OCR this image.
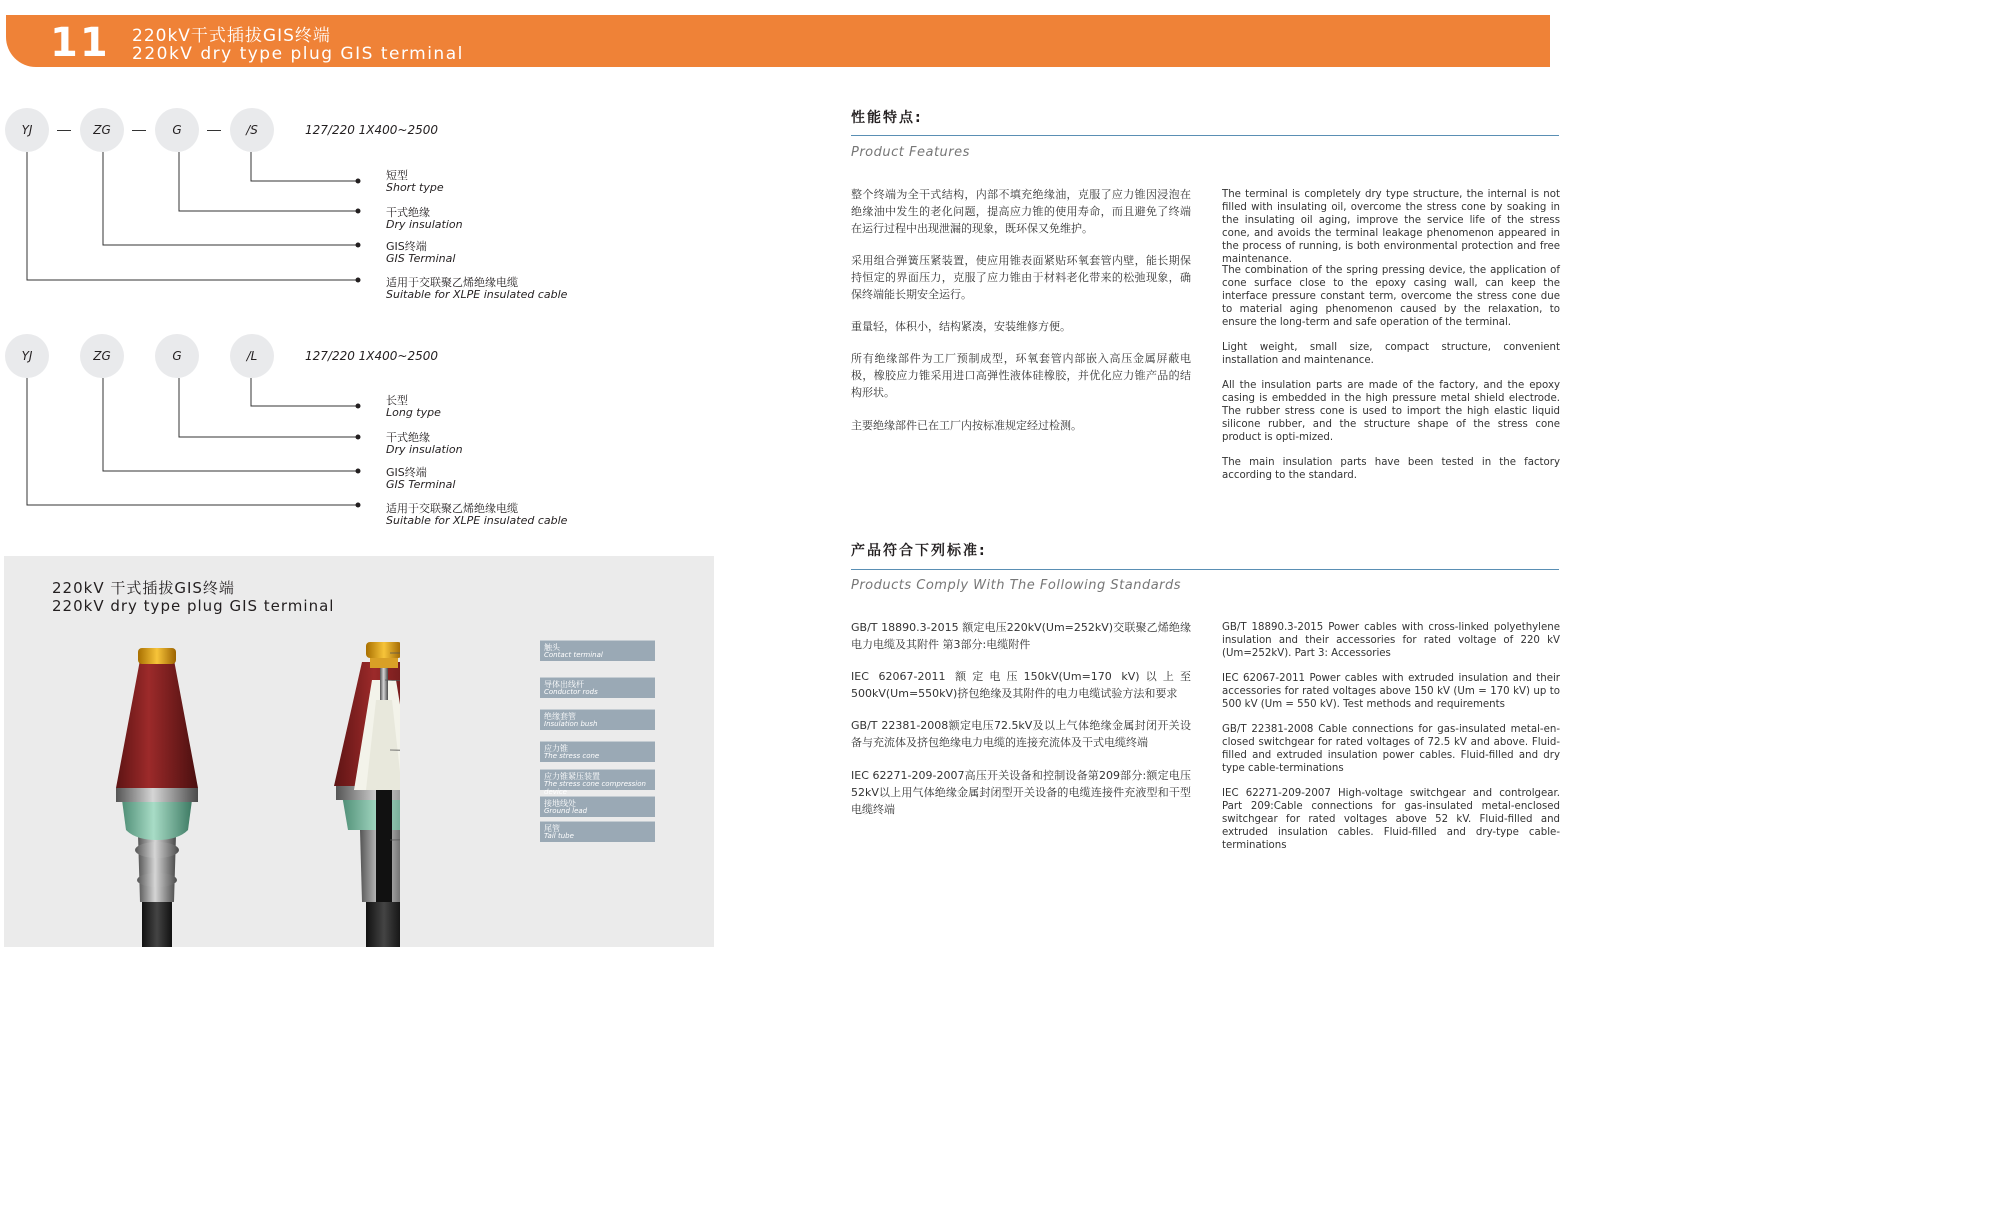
11 220kV干式插拔GIS终端
220kV dry type plug GIS terminal
YJ	ZG	G	/S	127/220 1X400~2500
短型
Short type
干式绝缘
Dry insulation
GIS终端
GIS Terminal
适用于交联聚乙烯绝缘电缆
Suitable for XLPE insulated cable
YJ	ZG	G	/L	127/220 1X400~2500
长型
Long type
干式绝缘
Dry insulation
GIS终端
GIS Terminal
适用于交联聚乙烯绝缘电缆
Suitable for XLPE insulated cable
220kV 干式插拔GIS终端
220kV dry type plug GIS terminal
触头
Contact terminal
导体出线杆
Conductor rods
绝缘套管
Insulation bush
应力锥
The stress cone
应力锥紧压装置
The stress cone compression device
接地线处
Ground lead
尾管
Tail tube
性能特点:
Product Features
整个终端为全干式结构，内部不填充绝缘油，克服了应力锥因浸泡在绝缘油中发生的老化问题，提高应力锥的使用寿命，而且避免了终端在运行过程中出现泄漏的现象，既环保又免维护。
采用组合弹簧压紧装置，使应用锥表面紧贴环氧套管内壁，能长期保持恒定的界面压力，克服了应力锥由于材料老化带来的松弛现象，确保终端能长期安全运行。
重量轻，体积小，结构紧凑，安装维修方便。
所有绝缘部件为工厂预制成型，环氧套管内部嵌入高压金属屏蔽电极，橡胶应力锥采用进口高弹性液体硅橡胶，并优化应力锥产品的结构形状。
主要绝缘部件已在工厂内按标准规定经过检测。
The terminal is completely dry type structure, the internal is not filled with insulating oil, overcome the stress cone by soaking in the insulating oil aging, improve the service life of the stress cone, and avoids the terminal leakage phenomenon appeared in the process of running, is both environmental protection and free maintenance.
The combination of the spring pressing device, the application of cone surface close to the epoxy casing wall, can keep the interface pressure constant term, overcome the stress cone due to material aging phenomenon caused by the relaxation, to ensure the long-term and safe operation of the terminal.
Light weight, small size, compact structure, convenient installation and maintenance.
All the insulation parts are made of the factory, and the epoxy casing is embedded in the high pressure metal shield electrode. The rubber stress cone is used to import the high elastic liquid silicone rubber, and the structure shape of the stress cone product is opti-mized.
The main insulation parts have been tested in the factory according to the standard.
产品符合下列标准:
Products Comply With The Following Standards
GB/T 18890.3-2015 额定电压220kV(Um=252kV)交联聚乙烯绝缘电力电缆及其附件 第3部分:电缆附件
IEC 62067-2011 额定电压150kV(Um=170 kV)以上至500kV(Um=550kV)挤包绝缘及其附件的电力电缆试验方法和要求
GB/T 22381-2008额定电压72.5kV及以上气体绝缘金属封闭开关设备与充流体及挤包绝缘电力电缆的连接充流体及干式电缆终端
IEC 62271-209-2007高压开关设备和控制设备第209部分:额定电压52kV以上用气体绝缘金属封闭型开关设备的电缆连接件充液型和干型电缆终端
GB/T 18890.3-2015 Power cables with cross-linked polyethylene insulation and their accessories for rated voltage of 220 kV (Um=252kV). Part 3: Accessories
IEC 62067-2011 Power cables with extruded insulation and their accessories for rated voltages above 150 kV (Um = 170 kV) up to 500 kV (Um = 550 kV). Test methods and requirements
GB/T 22381-2008 Cable connections for gas-insulated metal-en-closed switchgear for rated voltages of 72.5 kV and above. Fluid-filled and extruded insulation power cables. Fluid-filled and dry type cable-terminations
IEC 62271-209-2007 High-voltage switchgear and controlgear. Part 209:Cable connections for gas-insulated metal-enclosed switchgear for rated voltages above 52 kV. Fluid-filled and extruded insulation cables. Fluid-filled and dry-type cable-terminations
